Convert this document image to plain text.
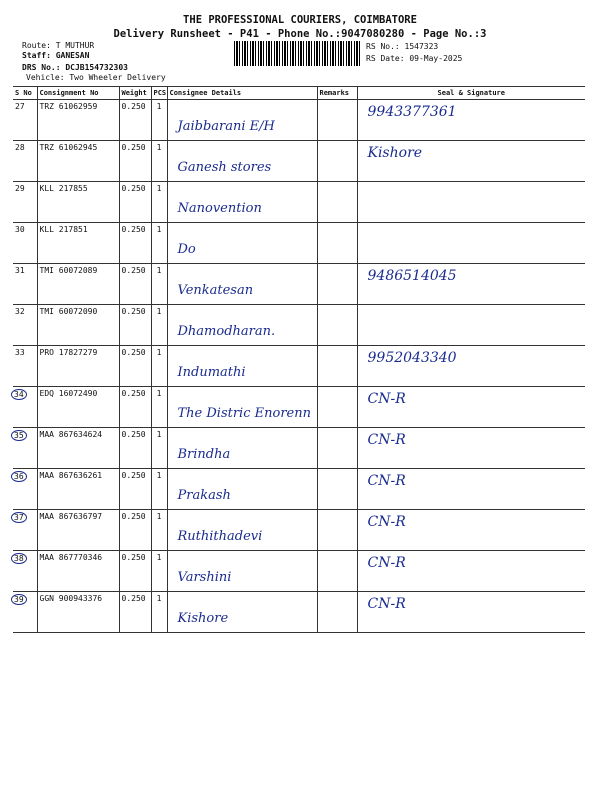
THE PROFESSIONAL COURIERS, COIMBATORE
Delivery Runsheet - P41 - Phone No.:9047080280 - Page No.:3
Route: T MUTHUR
Staff: GANESAN
DRS No.: DCJB154732303
Vehicle: Two Wheeler Delivery
RS No.: 1547323
RS Date: 09-May-2025
S No	Consignment No	Weight	PCS	Consignee Details	Remarks	Seal & Signature
27	TRZ 61062959	0.250	1	Jaibbarani E/H		9943377361

28	TRZ 61062945	0.250	1	Ganesh stores		Kishore

29	KLL 217855	0.250	1	Nanovention		

30	KLL 217851	0.250	1	Do		

31	TMI 60072089	0.250	1	Venkatesan		9486514045

32	TMI 60072090	0.250	1	Dhamodharan.		

33	PRO 17827279	0.250	1	Indumathi		9952043340

34	EDQ 16072490	0.250	1	The Distric Enorenn		CN-R

35	MAA 867634624	0.250	1	Brindha		CN-R

36	MAA 867636261	0.250	1	Prakash		CN-R

37	MAA 867636797	0.250	1	Ruthithadevi		CN-R

38	MAA 867770346	0.250	1	Varshini		CN-R

39	GGN 900943376	0.250	1	Kishore		CN-R
